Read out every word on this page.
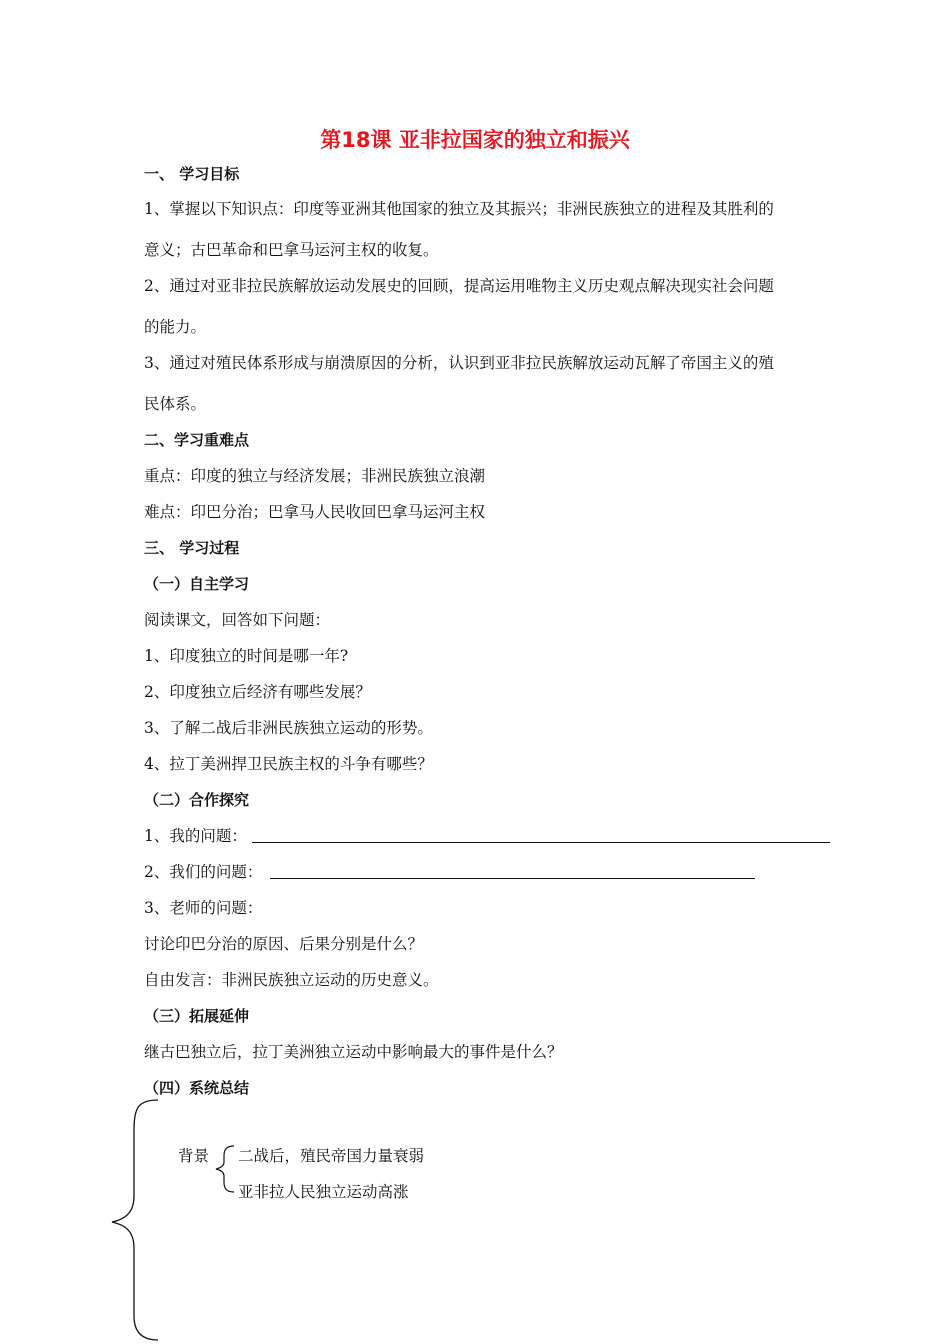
第18课 亚非拉国家的独立和振兴
一、 学习目标
1、掌握以下知识点：印度等亚洲其他国家的独立及其振兴；非洲民族独立的进程及其胜利的
意义；古巴革命和巴拿马运河主权的收复。
2、通过对亚非拉民族解放运动发展史的回顾，提高运用唯物主义历史观点解决现实社会问题
的能力。
3、通过对殖民体系形成与崩溃原因的分析，认识到亚非拉民族解放运动瓦解了帝国主义的殖
民体系。
二、学习重难点
重点：印度的独立与经济发展；非洲民族独立浪潮
难点：印巴分治；巴拿马人民收回巴拿马运河主权
三、 学习过程
（一）自主学习
阅读课文，回答如下问题：
1、印度独立的时间是哪一年?
2、印度独立后经济有哪些发展？
3、了解二战后非洲民族独立运动的形势。
4、拉丁美洲捍卫民族主权的斗争有哪些？
（二）合作探究
1、我的问题：
2、我们的问题：
3、老师的问题：
讨论印巴分治的原因、后果分别是什么？
自由发言：非洲民族独立运动的历史意义。
（三）拓展延伸
继古巴独立后，拉丁美洲独立运动中影响最大的事件是什么？
（四）系统总结
背景 二战后，殖民帝国力量衰弱
亚非拉人民独立运动高涨
